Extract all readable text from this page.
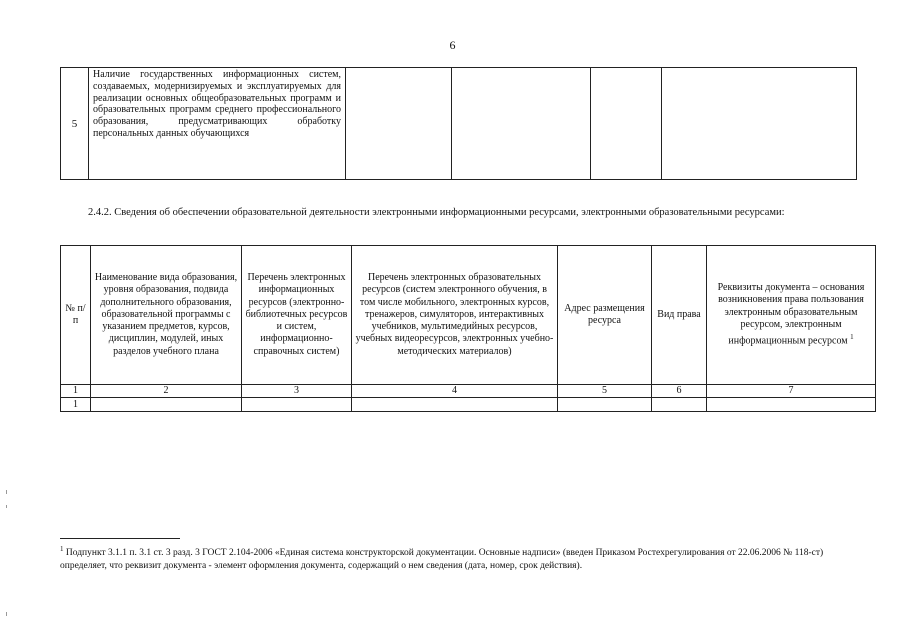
6
5	Наличие государственных информационных систем, создаваемых, модернизируемых и эксплуатируемых для реализации основных общеобразовательных программ и образовательных программ среднего профессионального образования, предусматривающих обработку персональных данных обучающихся				
2.4.2. Сведения об обеспечении образовательной деятельности электронными информационными ресурсами, электронными образовательными ресурсами:
№ п/п	Наименование вида образования, уровня образования, подвида дополнительного образования, образовательной программы с указанием предметов, курсов, дисциплин, модулей, иных разделов учебного плана	Перечень электронных информационных ресурсов (электронно-библиотечных ресурсов и систем, информационно-справочных систем)	Перечень электронных образовательных ресурсов (систем электронного обучения, в том числе мобильного, электронных курсов, тренажеров, симуляторов, интерактивных учебников, мультимедийных ресурсов, учебных видеоресурсов, электронных учебно-методических материалов)	Адрес размещения ресурса	Вид права	Реквизиты документа – основания возникновения права пользования электронным образовательным ресурсом, электронным информационным ресурсом $^1$
1	2	3	4	5	6	7
1						
$^1$ Подпункт 3.1.1 п. 3.1 ст. 3 разд. 3 ГОСТ 2.104-2006 «Единая система конструкторской документации. Основные надписи» (введен Приказом Ростехрегулирования от 22.06.2006 № 118-ст) определяет, что реквизит документа - элемент оформления документа, содержащий о нем сведения (дата, номер, срок действия).
